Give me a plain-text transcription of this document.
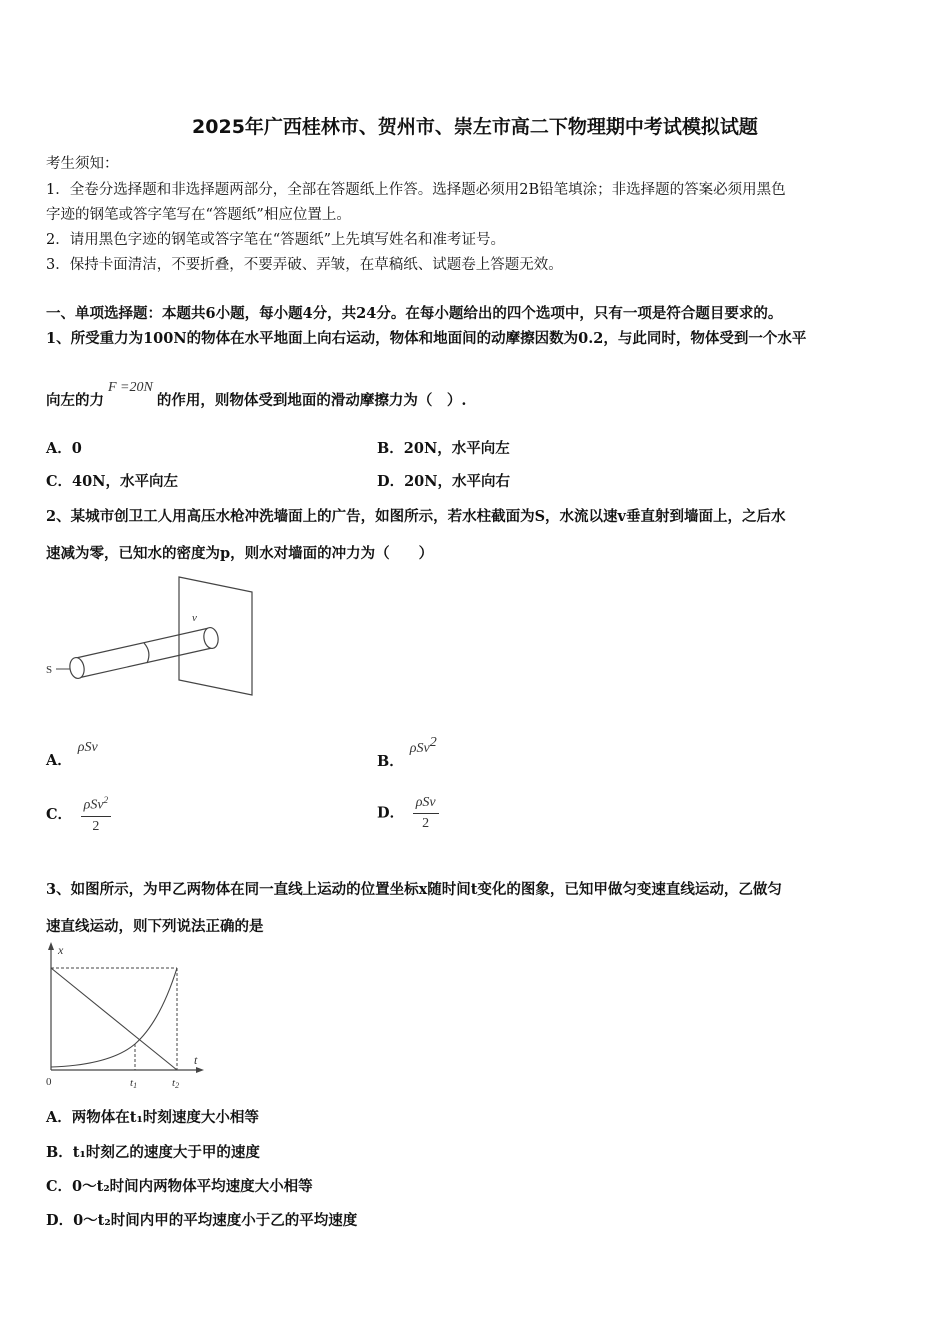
2025年广西桂林市、贺州市、崇左市高二下物理期中考试模拟试题
考生须知：
1．全卷分选择题和非选择题两部分，全部在答题纸上作答。选择题必须用2B铅笔填涂；非选择题的答案必须用黑色
字迹的钢笔或答字笔写在“答题纸”相应位置上。
2．请用黑色字迹的钢笔或答字笔在“答题纸”上先填写姓名和准考证号。
3．保持卡面清洁，不要折叠，不要弄破、弄皱，在草稿纸、试题卷上答题无效。
一、单项选择题：本题共6小题，每小题4分，共24分。在每小题给出的四个选项中，只有一项是符合题目要求的。
1、所受重力为100N的物体在水平地面上向右运动，物体和地面间的动摩擦因数为0.2，与此同时，物体受到一个水平
向左的力F =20N的作用，则物体受到地面的滑动摩擦力为（　）.
A．0	B．20N，水平向左
C．40N，水平向左	D．20N，水平向右
2、某城市创卫工人用高压水枪冲洗墙面上的广告，如图所示，若水柱截面为S，水流以速v垂直射到墙面上，之后水
速减为零，已知水的密度为p，则水对墙面的冲力为（　　）
S
v
A．ρSv
B．ρSv$^2$
C． $\frac{\rho Sv^2}{2}$	D． $\frac{\text{ρSv}}{2}$
3、如图所示，为甲乙两物体在同一直线上运动的位置坐标x随时间t变化的图象，已知甲做匀变速直线运动，乙做匀
速直线运动，则下列说法正确的是
x
t
0	t1	t2
A．两物体在t₁时刻速度大小相等
B．t₁时刻乙的速度大于甲的速度
C．0～t₂时间内两物体平均速度大小相等
D．0～t₂时间内甲的平均速度小于乙的平均速度
